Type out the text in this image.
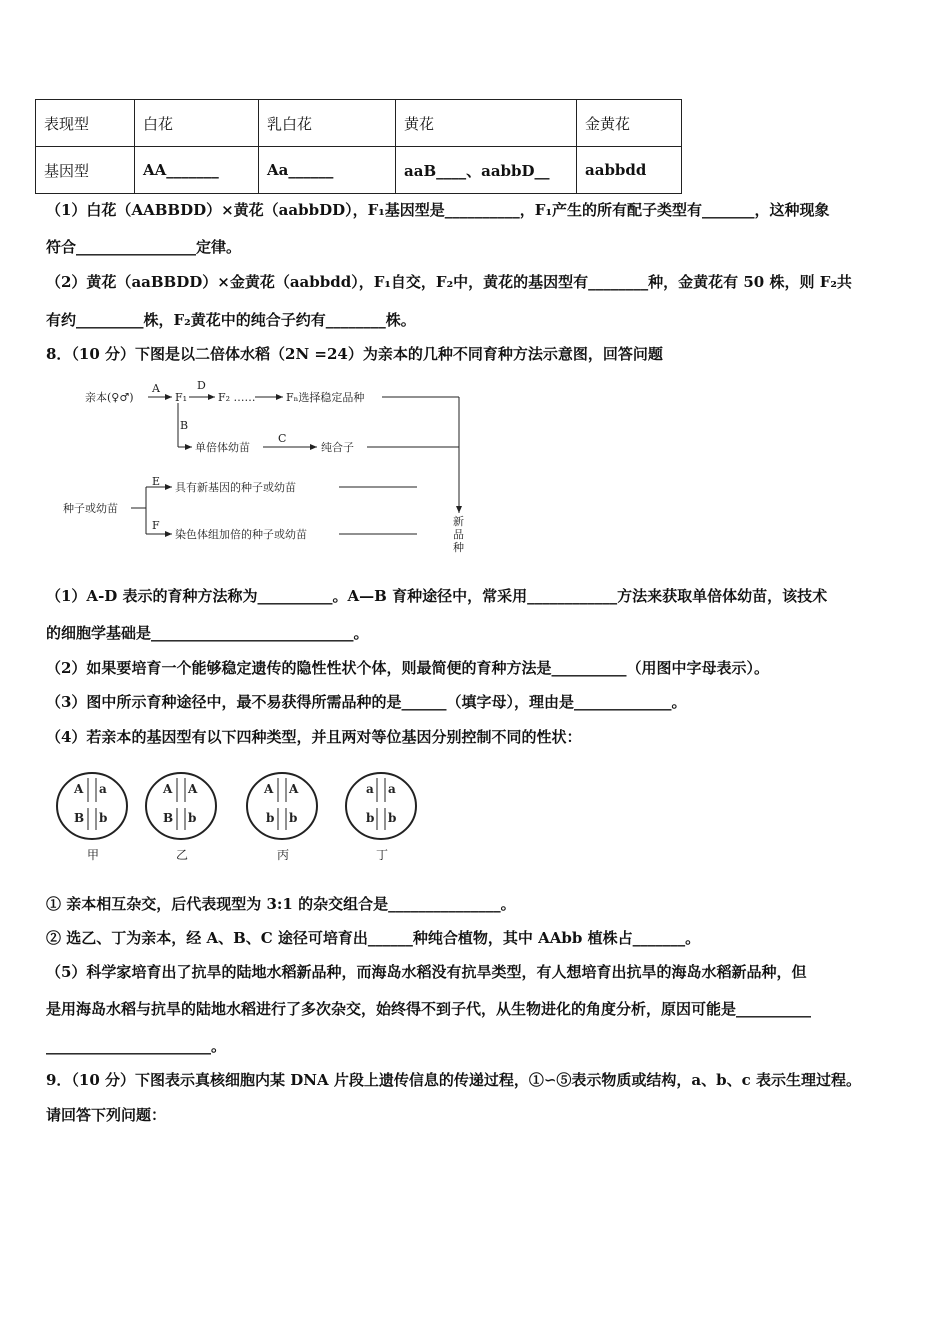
表现型	白花	乳白花	黄花	金黄花
基因型	AA_______	Aa______	aaB____、aabbD__	aabbdd
（1）白花（AABBDD）×黄花（aabbDD），F₁基因型是__________，F₁产生的所有配子类型有_______，这种现象
符合________________定律。
（2）黄花（aaBBDD）×金黄花（aabbdd），F₁自交，F₂中，黄花的基因型有________种，金黄花有 50 株，则 F₂共
有约_________株，F₂黄花中的纯合子约有________株。
8．（10 分）下图是以二倍体水稻（2N =24）为亲本的几种不同育种方法示意图，回答问题
亲本(♀♂)
A
F₁
D
F₂ ……	Fₙ选择稳定品种
B
单倍体幼苗
C
纯合子
种子或幼苗
E 具有新基因的种子或幼苗
F
染色体组加倍的种子或幼苗
新
品
种
（1）A-D 表示的育种方法称为__________。A—B 育种途径中，常采用____________方法来获取单倍体幼苗，该技术
的细胞学基础是___________________________。
（2）如果要培育一个能够稳定遗传的隐性性状个体，则最简便的育种方法是__________（用图中字母表示）。
（3）图中所示育种途径中，最不易获得所需品种的是______（填字母），理由是_____________。
（4）若亲本的基因型有以下四种类型，并且两对等位基因分别控制不同的性状：
A a
B b
甲
A A
B b
乙
A A
b b
丙
a a
b b
丁
① 亲本相互杂交，后代表现型为 3:1 的杂交组合是_______________。
② 选乙、丁为亲本，经 A、B、C 途径可培育出______种纯合植物，其中 AAbb 植株占_______。
（5）科学家培育出了抗旱的陆地水稻新品种，而海岛水稻没有抗旱类型，有人想培育出抗旱的海岛水稻新品种，但
是用海岛水稻与抗旱的陆地水稻进行了多次杂交，始终得不到子代，从生物进化的角度分析，原因可能是__________
______________________。
9．（10 分）下图表示真核细胞内某 DNA 片段上遗传信息的传递过程，①∽⑤表示物质或结构，a、b、c 表示生理过程。
请回答下列问题：
